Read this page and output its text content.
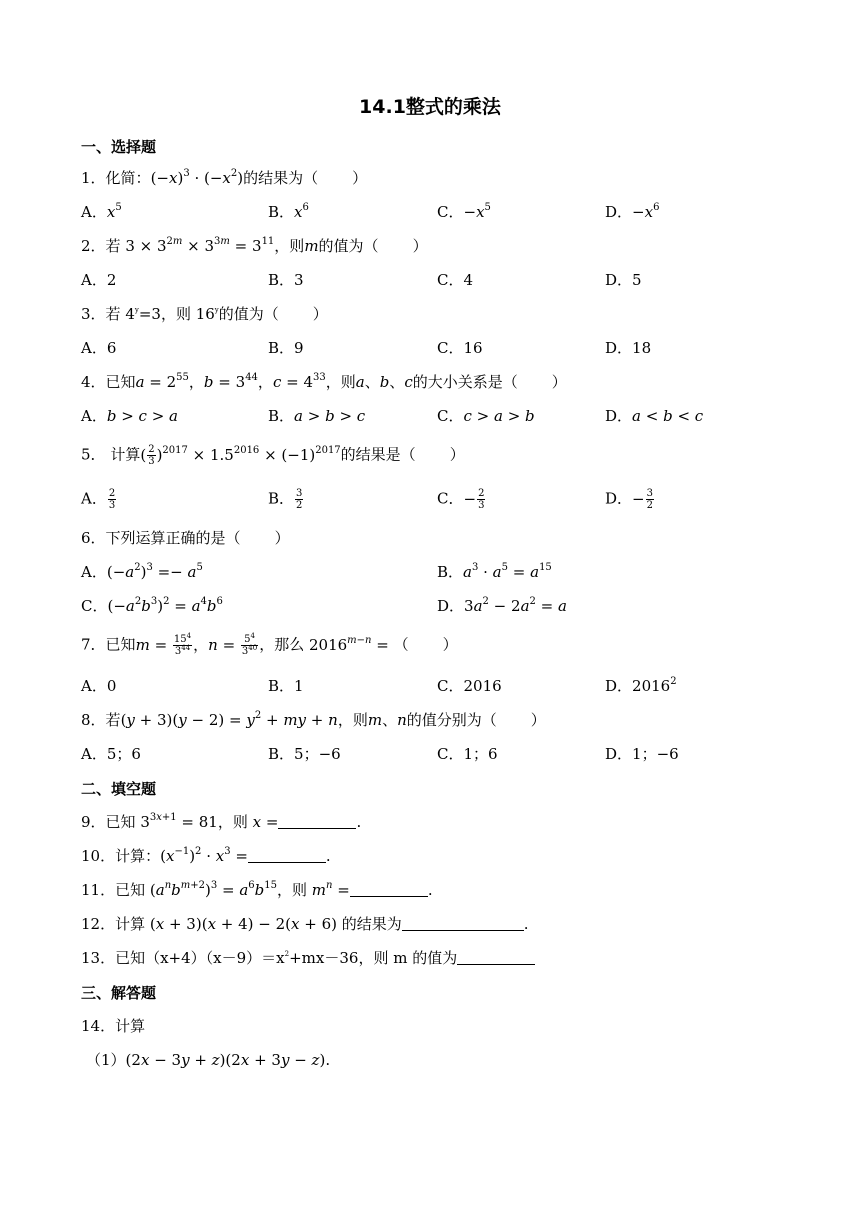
14.1整式的乘法
一、选择题
1．化简：$(-x)^3 \cdot (-x^2)$的结果为（ ）
A．$x^5$	B．$x^6$	C．$-x^5$	D．$-x^6$
2．若 $3 \times 3^{2m} \times 3^{3m} = 3^{11}$，则m的值为（ ）
A．2	B．3	C．4	D．5
3．若 $4^y=3$，则 16$^y$的值为（ ）
A．6	B．9	C．16	D．18
4．已知$a = 2^{55}$，$b = 3^{44}$，$c = 4^{33}$，则a、b、c的大小关系是（ ）
A．b > c > a	B．a > b > c	C．c > a > b	D．a < b < c
5． 计算( $\frac{2}{3} )^{2017} \times 1.5^{2016} \times (-1)^{2017}$的结果是（ ）
A． $\frac{2}{3}$	B． $\frac{3}{2}$	C．− $\frac{2}{3}$	D．− $\frac{3}{2}$
6．下列运算正确的是（ ）
A．$(-a^2)^3 =- a^5$	B．$a^3 \cdot a^5 = a^{15}$
C．$(-a^2b^3)^2 = a^4b^6$	D．$3a^2 - 2a^2 = a$
7．已知$m = \frac{15^4}{3^{44}}$ ，$n = \frac{5^4}{3^{40}}$ ，那么 $2016^{m-n}$ = （ ）
A．0	B．1	C．2016	D．2016$^2$
8．若$(y + 3)(y - 2) = y^2$ + my + n，则m、n的值分别为（ ）
A．5；6	B．5；−6	C．1；6	D．1；−6
二、填空题
9．已知 $3^{3x+1} = 81$，则 x =	.
10．计算：$(x^{-1})^2 \cdot x^3$ =	.
11．已知 $(a^nb^{m+2})^3 = a^6b^{15}$，则 $m^n$ =	.
12．计算 (x + 3)(x + 4) − 2(x + 6) 的结果为	.
13．已知$(x+4)(x-9)=x^2+mx-36$，则 m 的值为
三、解答题
14．计算
（1）(2x − 3y + z)(2x + 3y − z).
